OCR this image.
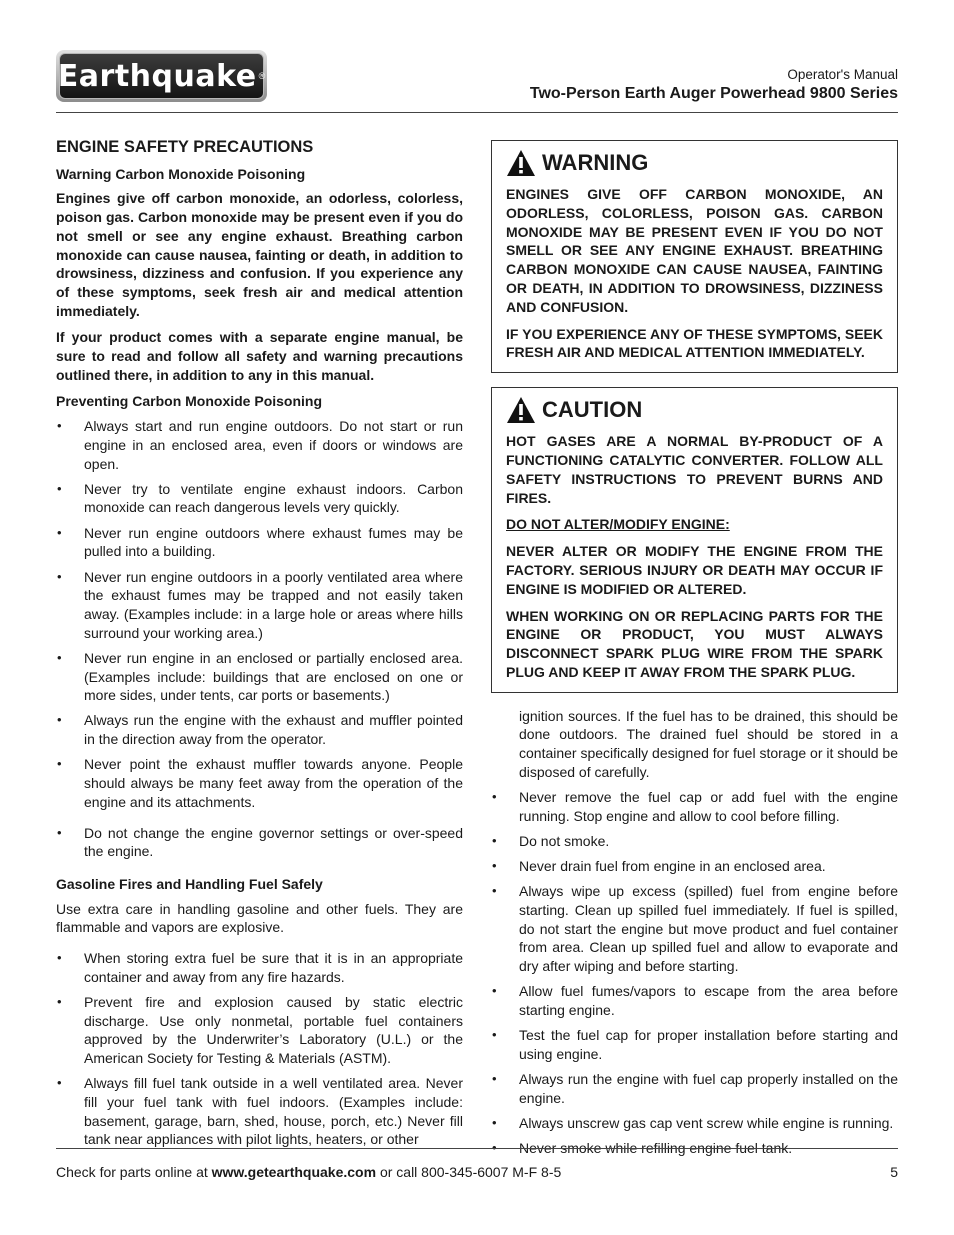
Earthquake ®	Operator's Manual
Two-Person Earth Auger Powerhead 9800 Series
ENGINE SAFETY PRECAUTIONS
Warning Carbon Monoxide Poisoning

Engines give off carbon monoxide, an odorless, colorless, poison gas. Carbon monoxide may be present even if you do not smell or see any engine exhaust. Breathing carbon monoxide can cause nausea, fainting or death, in addition to drowsiness, dizziness and confusion. If you experience any of these symptoms, seek fresh air and medical attention immediately.

If your product comes with a separate engine manual, be sure to read and follow all safety and warning precautions outlined there, in addition to any in this manual.

Preventing Carbon Monoxide Poisoning
• Always start and run engine outdoors. Do not start or run engine in an enclosed area, even if doors or windows are open.
• Never try to ventilate engine exhaust indoors. Carbon monoxide can reach dangerous levels very quickly.
• Never run engine outdoors where exhaust fumes may be pulled into a building.
• Never run engine outdoors in a poorly ventilated area where the exhaust fumes may be trapped and not easily taken away. (Examples include: in a large hole or areas where hills surround your working area.)
• Never run engine in an enclosed or partially enclosed area. (Examples include: buildings that are enclosed on one or more sides, under tents, car ports or basements.)
• Always run the engine with the exhaust and muffler pointed in the direction away from the operator.
• Never point the exhaust muffler towards anyone. People should always be many feet away from the operation of the engine and its attachments.
• Do not change the engine governor settings or over-speed the engine.
Gasoline Fires and Handling Fuel Safely

Use extra care in handling gasoline and other fuels. They are flammable and vapors are explosive.

• When storing extra fuel be sure that it is in an appropriate container and away from any fire hazards.
• Prevent fire and explosion caused by static electric discharge. Use only nonmetal, portable fuel containers approved by the Underwriter’s Laboratory (U.L.) or the American Society for Testing & Materials (ASTM).
• Always fill fuel tank outside in a well ventilated area. Never fill your fuel tank with fuel indoors. (Examples include: basement, garage, barn, shed, house, porch, etc.) Never fill tank near appliances with pilot lights, heaters, or other
WARNING

ENGINES GIVE OFF CARBON MONOXIDE, AN ODORLESS, COLORLESS, POISON GAS. CARBON MONOXIDE MAY BE PRESENT EVEN IF YOU DO NOT SMELL OR SEE ANY ENGINE EXHAUST. BREATHING CARBON MONOXIDE CAN CAUSE NAUSEA, FAINTING OR DEATH, IN ADDITION TO DROWSINESS, DIZZINESS AND CONFUSION.

IF YOU EXPERIENCE ANY OF THESE SYMPTOMS, SEEK FRESH AIR AND MEDICAL ATTENTION IMMEDIATELY.

CAUTION

HOT GASES ARE A NORMAL BY-PRODUCT OF A FUNCTIONING CATALYTIC CONVERTER. FOLLOW ALL SAFETY INSTRUCTIONS TO PREVENT BURNS AND FIRES.

DO NOT ALTER/MODIFY ENGINE:

NEVER ALTER OR MODIFY THE ENGINE FROM THE FACTORY. SERIOUS INJURY OR DEATH MAY OCCUR IF ENGINE IS MODIFIED OR ALTERED.

WHEN WORKING ON OR REPLACING PARTS FOR THE ENGINE OR PRODUCT, YOU MUST ALWAYS DISCONNECT SPARK PLUG WIRE FROM THE SPARK PLUG AND KEEP IT AWAY FROM THE SPARK PLUG.

ignition sources. If the fuel has to be drained, this should be done outdoors. The drained fuel should be stored in a container specifically designed for fuel storage or it should be disposed of carefully.
• Never remove the fuel cap or add fuel with the engine running. Stop engine and allow to cool before filling.
• Do not smoke.
• Never drain fuel from engine in an enclosed area.
• Always wipe up excess (spilled) fuel from engine before starting. Clean up spilled fuel immediately. If fuel is spilled, do not start the engine but move product and fuel container from area. Clean up spilled fuel and allow to evaporate and dry after wiping and before starting.
• Allow fuel fumes/vapors to escape from the area before starting engine.
• Test the fuel cap for proper installation before starting and using engine.
• Always run the engine with fuel cap properly installed on the engine.
• Always unscrew gas cap vent screw while engine is running.
• Never smoke while refilling engine fuel tank.
Check for parts online at www.getearthquake.com or call 800-345-6007 M-F 8-5	5
